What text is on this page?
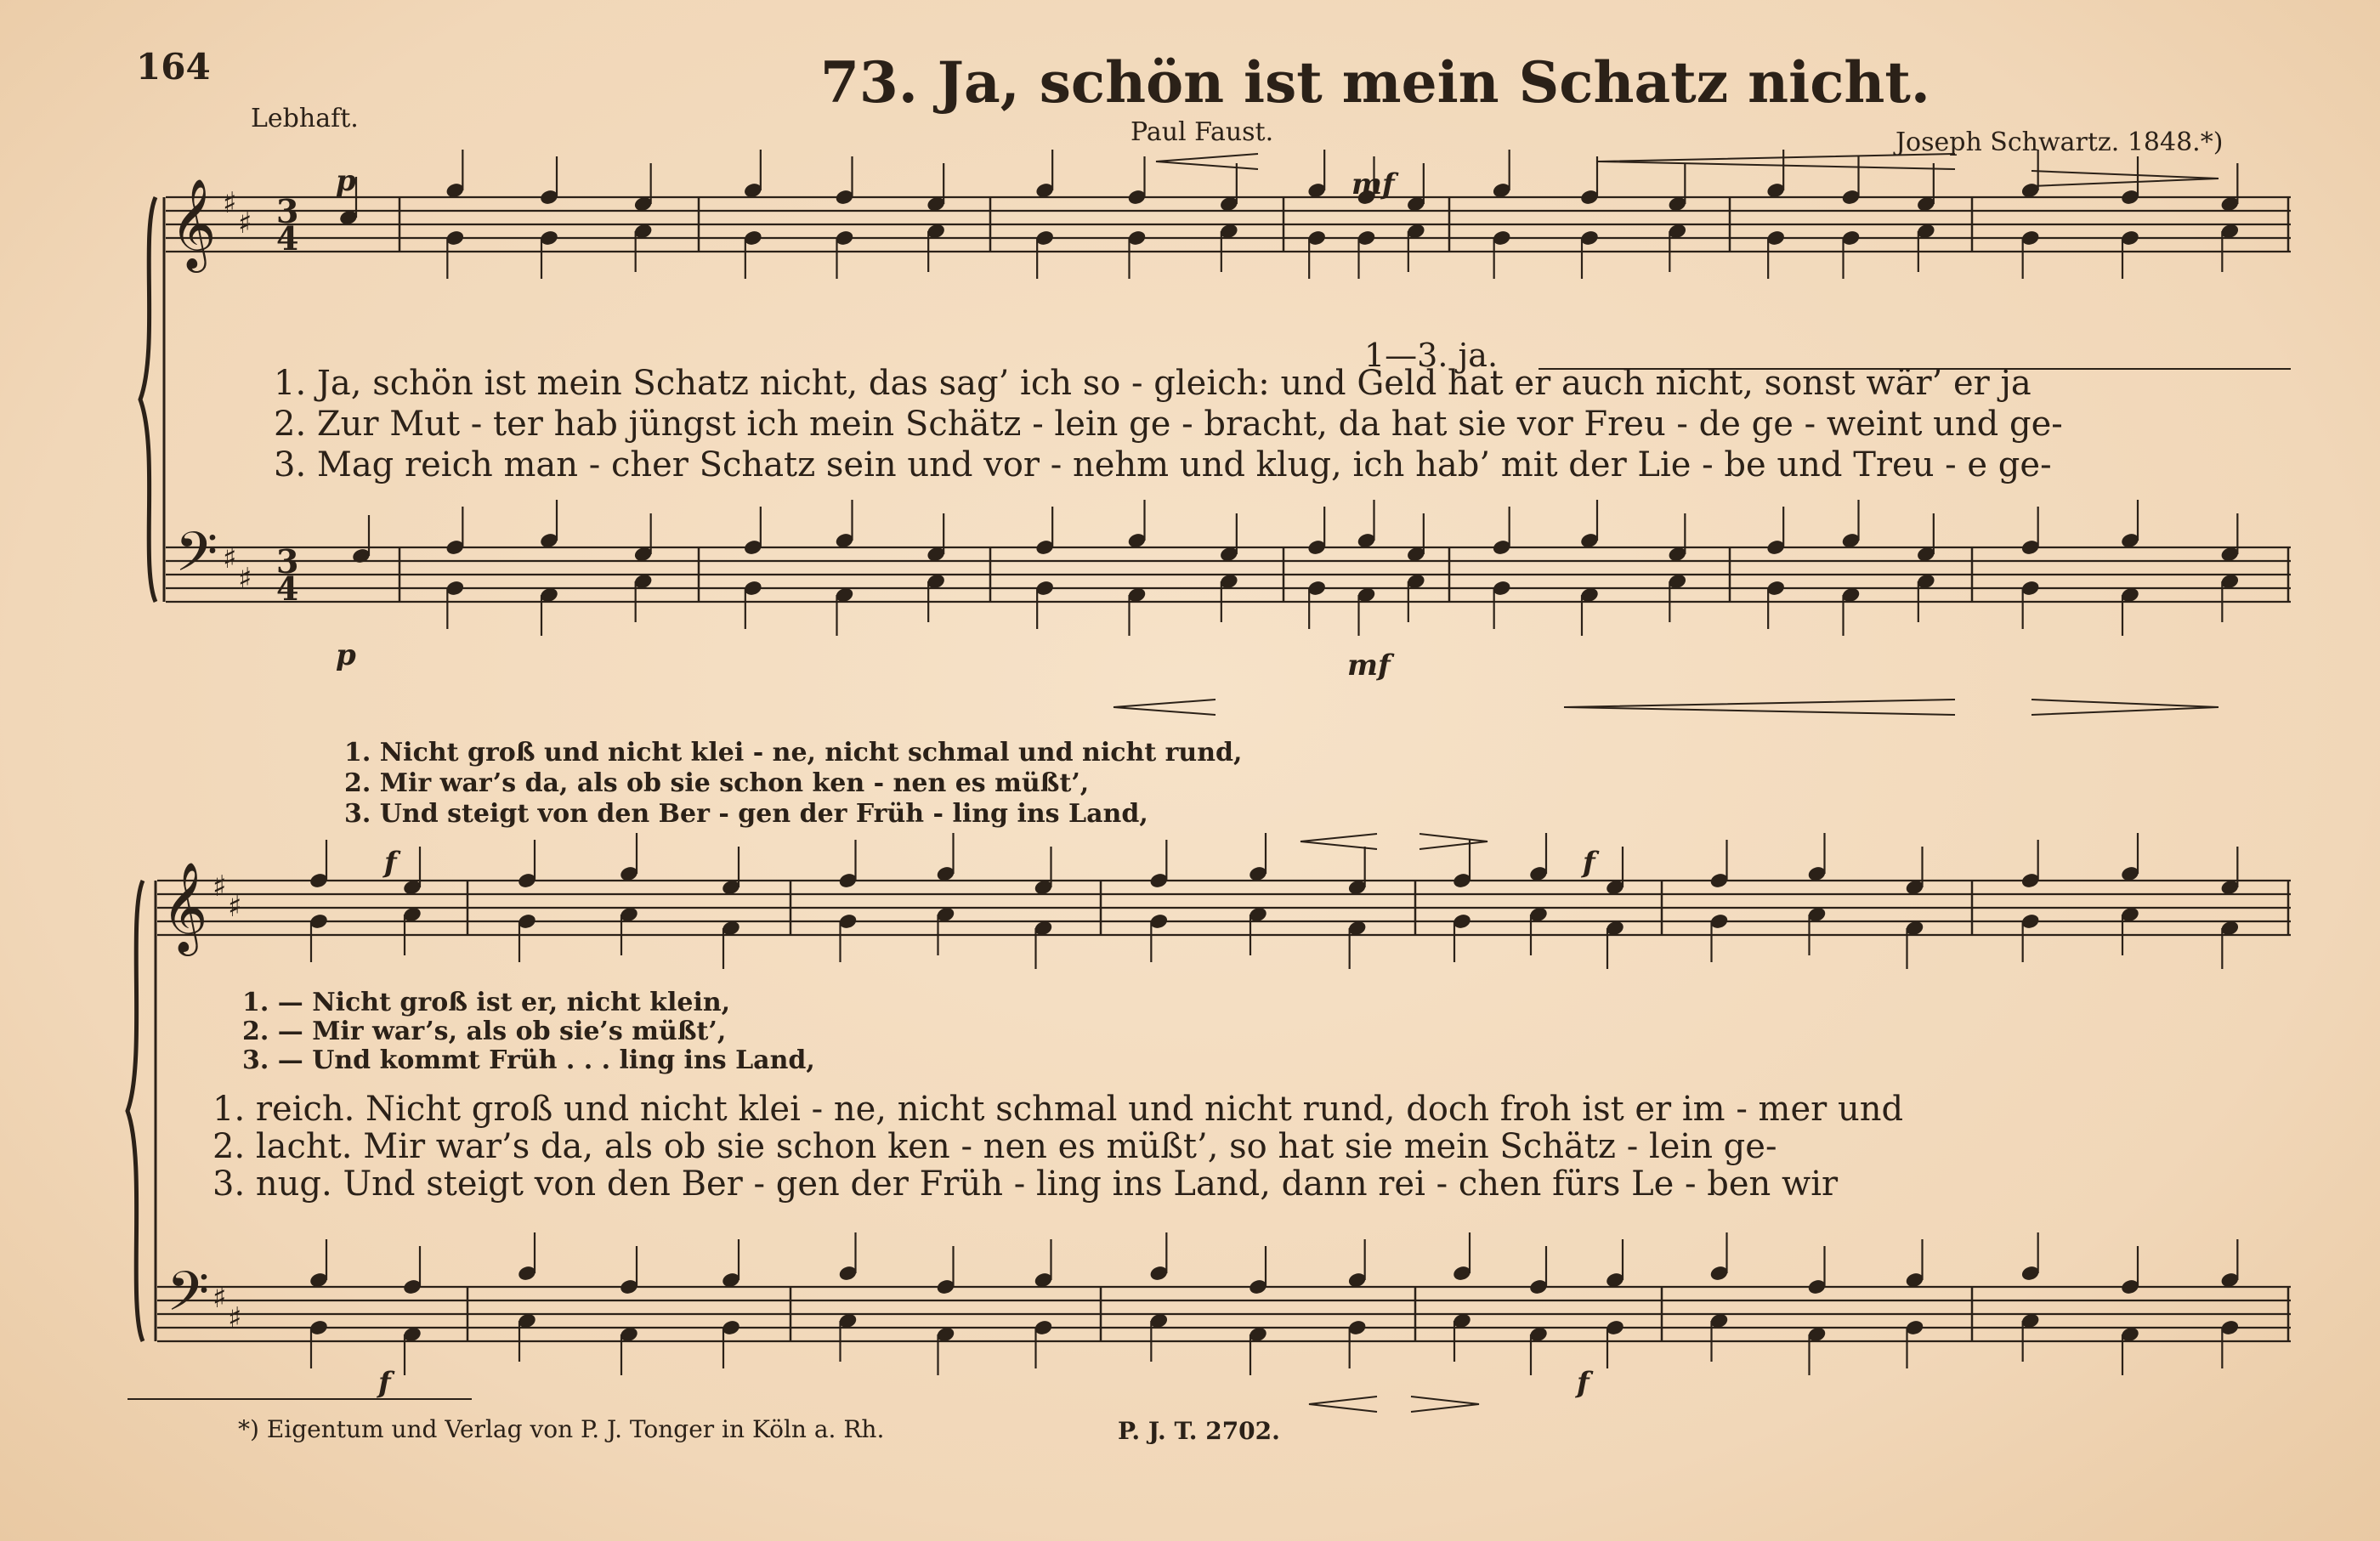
𝄞
𝄢
♯
♯
♯
♯
3
4
3
4
p
p
mf
mf
𝄞
𝄢
♯
♯
♯
♯
f
f
f
f
164	73. Ja, schön ist mein Schatz nicht.
Lebhaft.	Paul Faust.	Joseph Schwartz. 1848.*)
1—3. ja.
1. Ja, schön ist mein Schatz nicht, das sag’ ich so - gleich: und Geld hat er auch nicht, sonst wär’ er ja
2. Zur Mut - ter hab jüngst ich mein Schätz - lein ge - bracht, da hat sie vor Freu - de ge - weint und ge-
3. Mag reich man - cher Schatz sein und vor - nehm und klug, ich hab’ mit der Lie - be und Treu - e ge-
1. Nicht groß und nicht klei - ne, nicht schmal und nicht rund,
2. Mir war’s da, als ob sie schon ken - nen es müßt’,
3. Und steigt von den Ber - gen der Früh - ling ins Land,
1. — Nicht groß ist er, nicht klein,
2. — Mir war’s, als ob sie’s müßt’,
3. — Und kommt Früh . . . ling ins Land,
1. reich. Nicht groß und nicht klei - ne, nicht schmal und nicht rund, doch froh ist er im - mer und
2. lacht. Mir war’s da, als ob sie schon ken - nen es müßt’, so hat sie mein Schätz - lein ge-
3. nug. Und steigt von den Ber - gen der Früh - ling ins Land, dann rei - chen fürs Le - ben wir
*) Eigentum und Verlag von P. J. Tonger in Köln a. Rh.	P. J. T. 2702.
